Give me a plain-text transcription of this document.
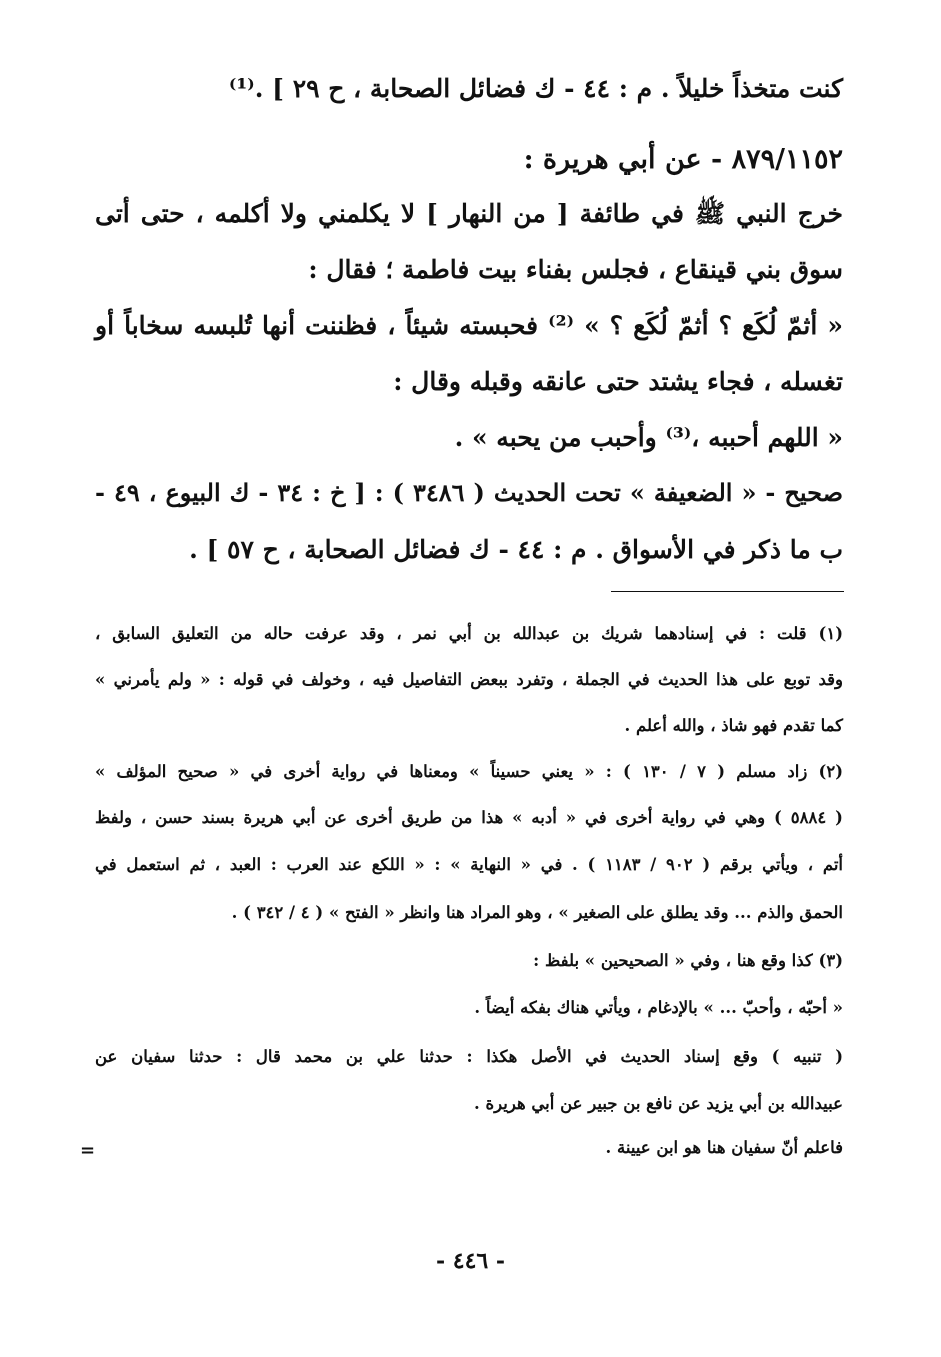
كنت متخذاً خليلاً . م : ٤٤ - ك فضائل الصحابة ، ح ٢٩ ] .⁽¹⁾
٨٧٩/١١٥٢ - عن أبي هريرة :
خرج النبي ﷺ في طائفة [ من النهار ] لا يكلمني ولا أكلمه ، حتى أتى
سوق بني قينقاع ، فجلس بفناء بيت فاطمة ؛ فقال :
« أثمّ لُكَع ؟ أثمّ لُكَع ؟ » ⁽²⁾ فحبسته شيئاً ، فظننت أنها تُلبسه سخاباً أو
تغسله ، فجاء يشتد حتى عانقه وقبله وقال :
« اللهم أحببه ،⁽³⁾ وأحبب من يحبه » .
صحيح - « الضعيفة » تحت الحديث ( ٣٤٨٦ ) : [ خ : ٣٤ - ك البيوع ، ٤٩ -
ب ما ذكر في الأسواق . م : ٤٤ - ك فضائل الصحابة ، ح ٥٧ ] .
(١) قلت : في إسنادهما شريك بن عبدالله بن أبي نمر ، وقد عرفت حاله من التعليق السابق ،
وقد توبع على هذا الحديث في الجملة ، وتفرد ببعض التفاصيل فيه ، وخولف في قوله : « ولم يأمرني »
كما تقدم فهو شاذ ، والله أعلم .
(٢) زاد مسلم ( ٧ / ١٣٠ ) : « يعني حسيناً » ومعناها في رواية أخرى في « صحيح المؤلف »
( ٥٨٨٤ ) وهي في رواية أخرى في « أدبه » هذا من طريق أخرى عن أبي هريرة بسند حسن ، ولفظ
أتم ، ويأتي برقم ( ٩٠٢ / ١١٨٣ ) . في « النهاية » : « اللكع عند العرب : العبد ، ثم استعمل في
الحمق والذم ... وقد يطلق على الصغير » ، وهو المراد هنا وانظر « الفتح » ( ٤ / ٣٤٢ ) .
(٣) كذا وقع هنا ، وفي « الصحيحين » بلفظ :
« أحبّه ، وأحبّ ... » بالإدغام ، ويأتي هناك بفكه أيضاً .
( تنبيه ) وقع إسناد الحديث في الأصل هكذا : حدثنا علي بن محمد قال : حدثنا سفيان عن
عبيدالله بن أبي يزيد عن نافع بن جبير عن أبي هريرة .
فاعلم أنّ سفيان هنا هو ابن عيينة .
=
- ٤٤٦ -
